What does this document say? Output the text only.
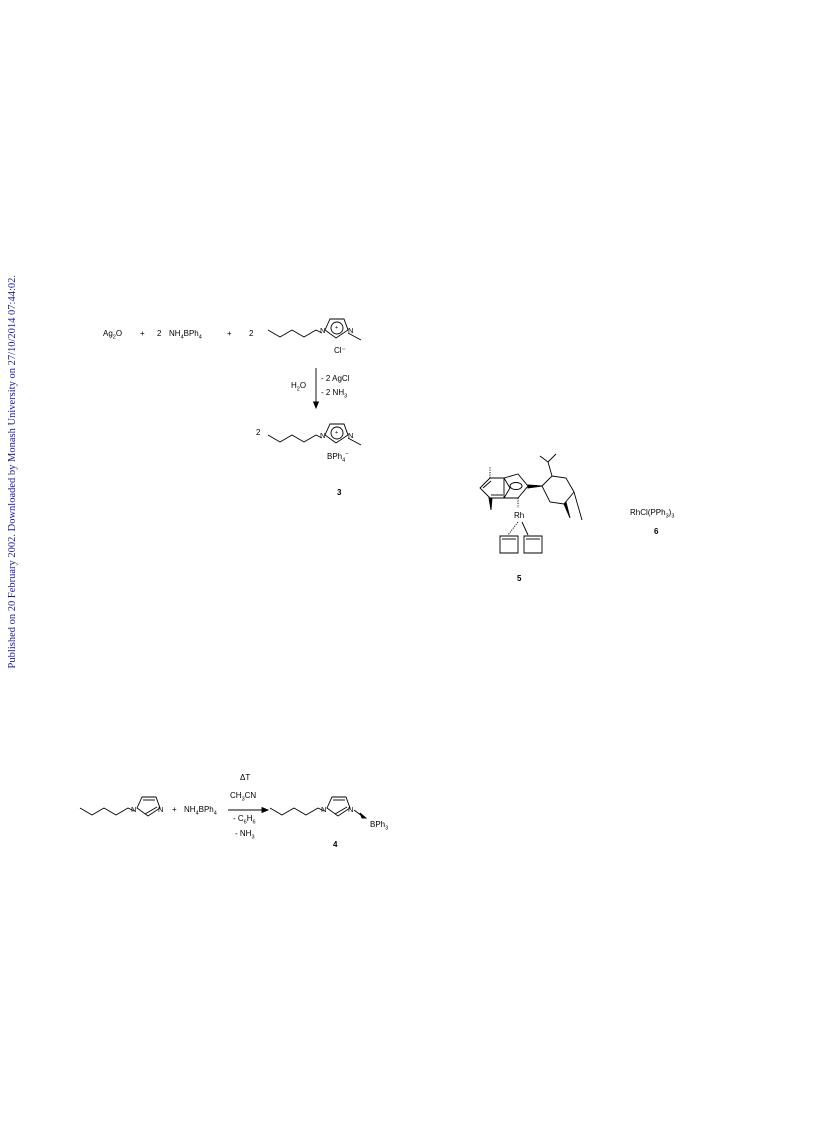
Published on 20 February 2002. Downloaded by Monash University on 27/10/2014 07:44:02.	$Ag_2O + 2$ $NH_4BPh_4$	+ 2	N + N
Cl⁻
$H_2O$
- 2 AgCl
- 2 $NH_3$
2	N + N
BPh$_4$−
3
Rh
5
$RhCl(PPh_3)_3$
6
N	$N + NH_4BPh_4$ →
ΔT
$CH_3CN$
- $C_6H_6$
- $NH_3$
N	N
BPh$_3$
4
